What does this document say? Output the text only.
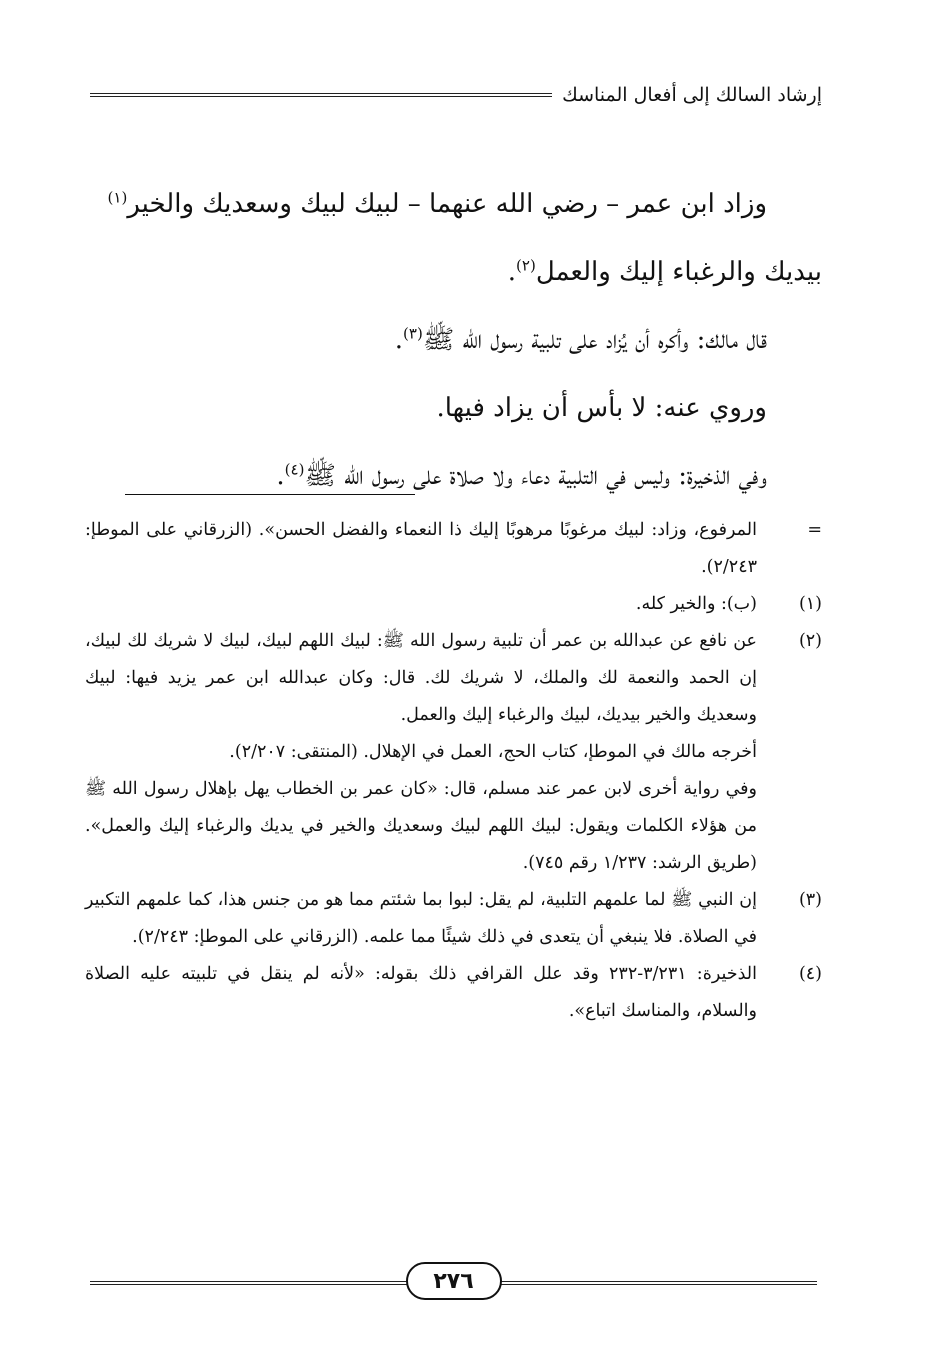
إرشاد السالك إلى أفعال المناسك

وزاد ابن عمر – رضي الله عنهما – لبيك لبيك وسعديك والخير$^{(١)}$

بيديك والرغباء إليك والعمل$^{(٢)}$.

قال مالك: وأكره أن يُزاد على تلبية رسول الله ﷺ$^{(٣)}$.

وروي عنه: لا بأس أن يزاد فيها.

وفي الذخيرة: وليس في التلبية دعاء ولا صلاة على رسول الله ﷺ$^{(٤)}$.

=
المرفوع، وزاد: لبيك مرغوبًا مرهوبًا إليك ذا النعماء والفضل الحسن». (الزرقاني على الموطإ: ٢/٢٤٣).
(١)
(ب): والخير كله.
(٢)

عن نافع عن عبدالله بن عمر أن تلبية رسول الله ﷺ: لبيك اللهم لبيك، لبيك لا شريك لك لبيك، إن الحمد والنعمة لك والملك، لا شريك لك. قال: وكان عبدالله ابن عمر يزيد فيها: لبيك وسعديك والخير بيديك، لبيك والرغباء إليك والعمل.

أخرجه مالك في الموطإ، كتاب الحج، العمل في الإهلال. (المنتقى: ٢/٢٠٧).

وفي رواية أخرى لابن عمر عند مسلم، قال: «كان عمر بن الخطاب يهل بإهلال رسول الله ﷺ من هؤلاء الكلمات ويقول: لبيك اللهم لبيك وسعديك والخير في يديك والرغباء إليك والعمل». (طريق الرشد: ١/٢٣٧ رقم ٧٤٥).

(٣)
إن النبي ﷺ لما علمهم التلبية، لم يقل: لبوا بما شئتم مما هو من جنس هذا، كما علمهم التكبير في الصلاة. فلا ينبغي أن يتعدى في ذلك شيئًا مما علمه. (الزرقاني على الموطإ: ٢/٢٤٣).
(٤)
الذخيرة: ٣/٢٣١-٢٣٢ وقد علل القرافي ذلك بقوله: «لأنه لم ينقل في تلبيته عليه الصلاة والسلام، والمناسك اتباع».
٢٧٦
